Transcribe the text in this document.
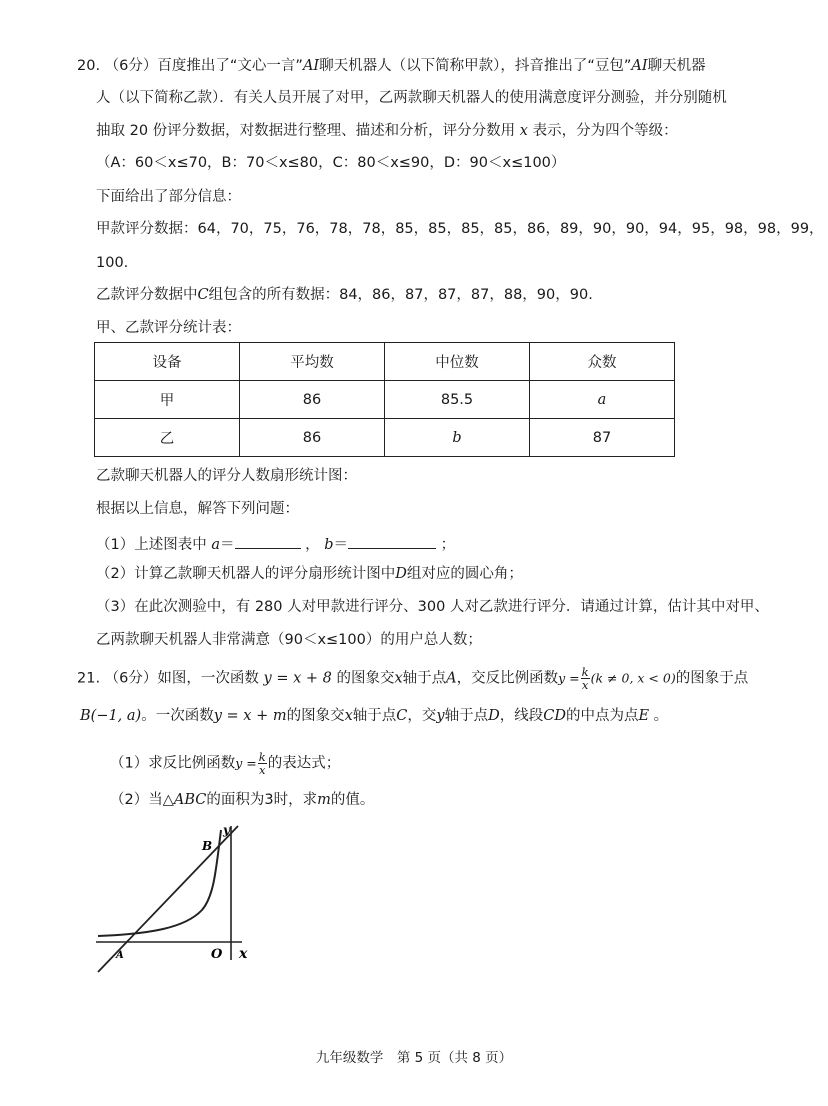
20. （6分）百度推出了“文心一言”AI聊天机器人（以下简称甲款），抖音推出了“豆包”AI聊天机器
人（以下简称乙款）．有关人员开展了对甲，乙两款聊天机器人的使用满意度评分测验，并分别随机
抽取 20 份评分数据，对数据进行整理、描述和分析，评分分数用 x 表示，分为四个等级：
（A：60＜x≤70，B：70＜x≤80，C：80＜x≤90，D：90＜x≤100）
下面给出了部分信息：
甲款评分数据：64，70，75，76，78，78，85，85，85，85，86，89，90，90，94，95，98，98，99，
100.
乙款评分数据中C组包含的所有数据：84，86，87，87，87，88，90，90.
甲、乙款评分统计表：
设备	平均数	中位数	众数
甲	86	85.5	a
乙	86	b	87
乙款聊天机器人的评分人数扇形统计图：
根据以上信息，解答下列问题：
（1）上述图表中 a＝	， b＝	；
（2）计算乙款聊天机器人的评分扇形统计图中D组对应的圆心角；
（3）在此次测验中，有 280 人对甲款进行评分、300 人对乙款进行评分．请通过计算，估计其中对甲、
乙两款聊天机器人非常满意（90＜x≤100）的用户总人数；
21. （6分）如图，一次函数 y = x + 8 的图象交x轴于点A，交反比例函数$y = \frac{k}{x} (k \ne 0$, x < 0)的图象于点
B(−1, a)。一次函数y = x + m的图象交x轴于点C，交y轴于点D，线段CD的中点为点E 。
（1）求反比例函数$y = \frac{k}{x}$ 的表达式；
（2）当△ABC的面积为3时，求m的值。
B
y
A	O x
九年级数学　第 5 页（共 8 页）
